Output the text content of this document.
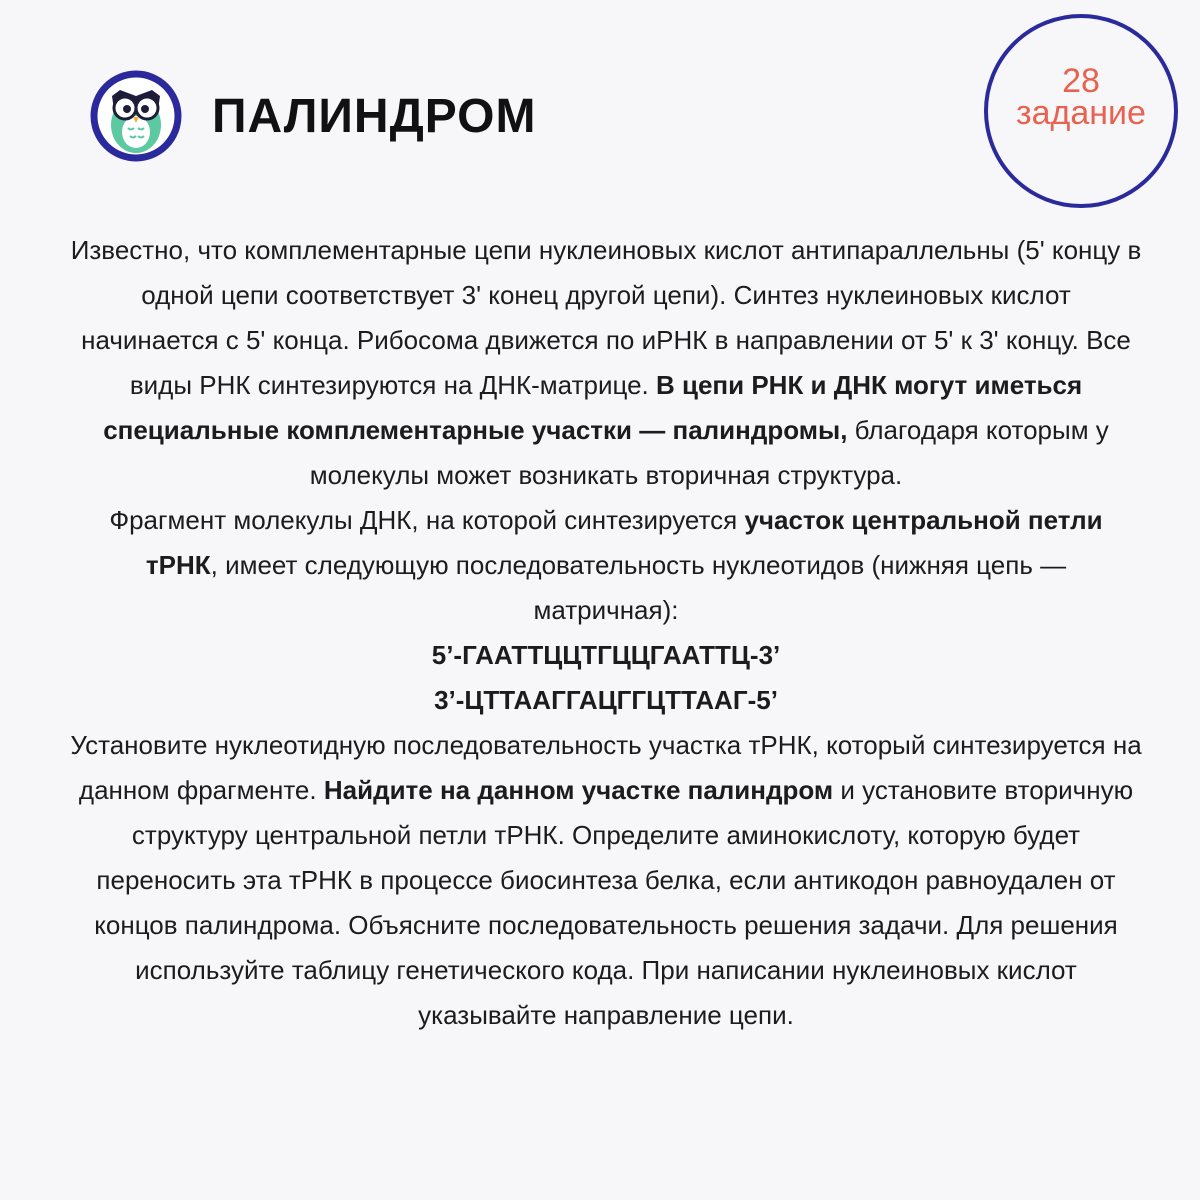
ПАЛИНДРОМ
28
задание

Известно, что комплементарные цепи нуклеиновых кислот антипараллельны (5' концу в одной цепи соответствует 3' конец другой цепи). Синтез нуклеиновых кислот начинается с 5' конца. Рибосома движется по иРНК в направлении от 5' к 3' концу. Все виды РНК синтезируются на ДНК-матрице. В цепи РНК и ДНК могут иметься специальные комплементарные участки — палиндромы, благодаря которым у молекулы может возникать вторичная структура.

Фрагмент молекулы ДНК, на которой синтезируется участок центральной петли тРНК, имеет следующую последовательность нуклеотидов (нижняя цепь — матричная):

5’-ГААТТЦЦТГЦЦГААТТЦ-3’

3’-ЦТТААГГАЦГГЦТТААГ-5’

Установите нуклеотидную последовательность участка тРНК, который синтезируется на данном фрагменте. Найдите на данном участке палиндром и установите вторичную структуру центральной петли тРНК. Определите аминокислоту, которую будет переносить эта тРНК в процессе биосинтеза белка, если антикодон равноудален от концов палиндрома. Объясните последовательность решения задачи. Для решения используйте таблицу генетического кода. При написании нуклеиновых кислот указывайте направление цепи.
